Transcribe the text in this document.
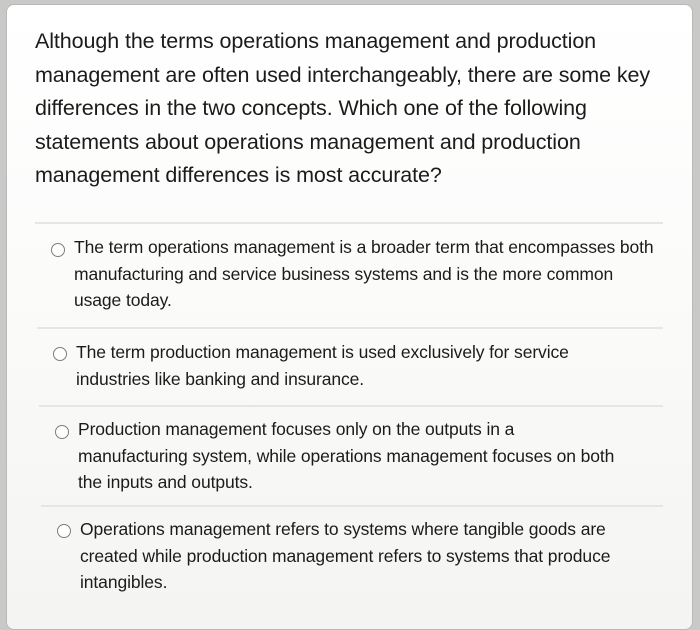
Although the terms operations management and production management are often used interchangeably, there are some key differences in the two concepts. Which one of the following statements about operations management and production management differences is most accurate?

The term operations management is a broader term that encompasses both manufacturing and service business systems and is the more common usage today.
The term production management is used exclusively for service industries like banking and insurance.
Production management focuses only on the outputs in a manufacturing system, while operations management focuses on both the inputs and outputs.
Operations management refers to systems where tangible goods are created while production management refers to systems that produce intangibles.
